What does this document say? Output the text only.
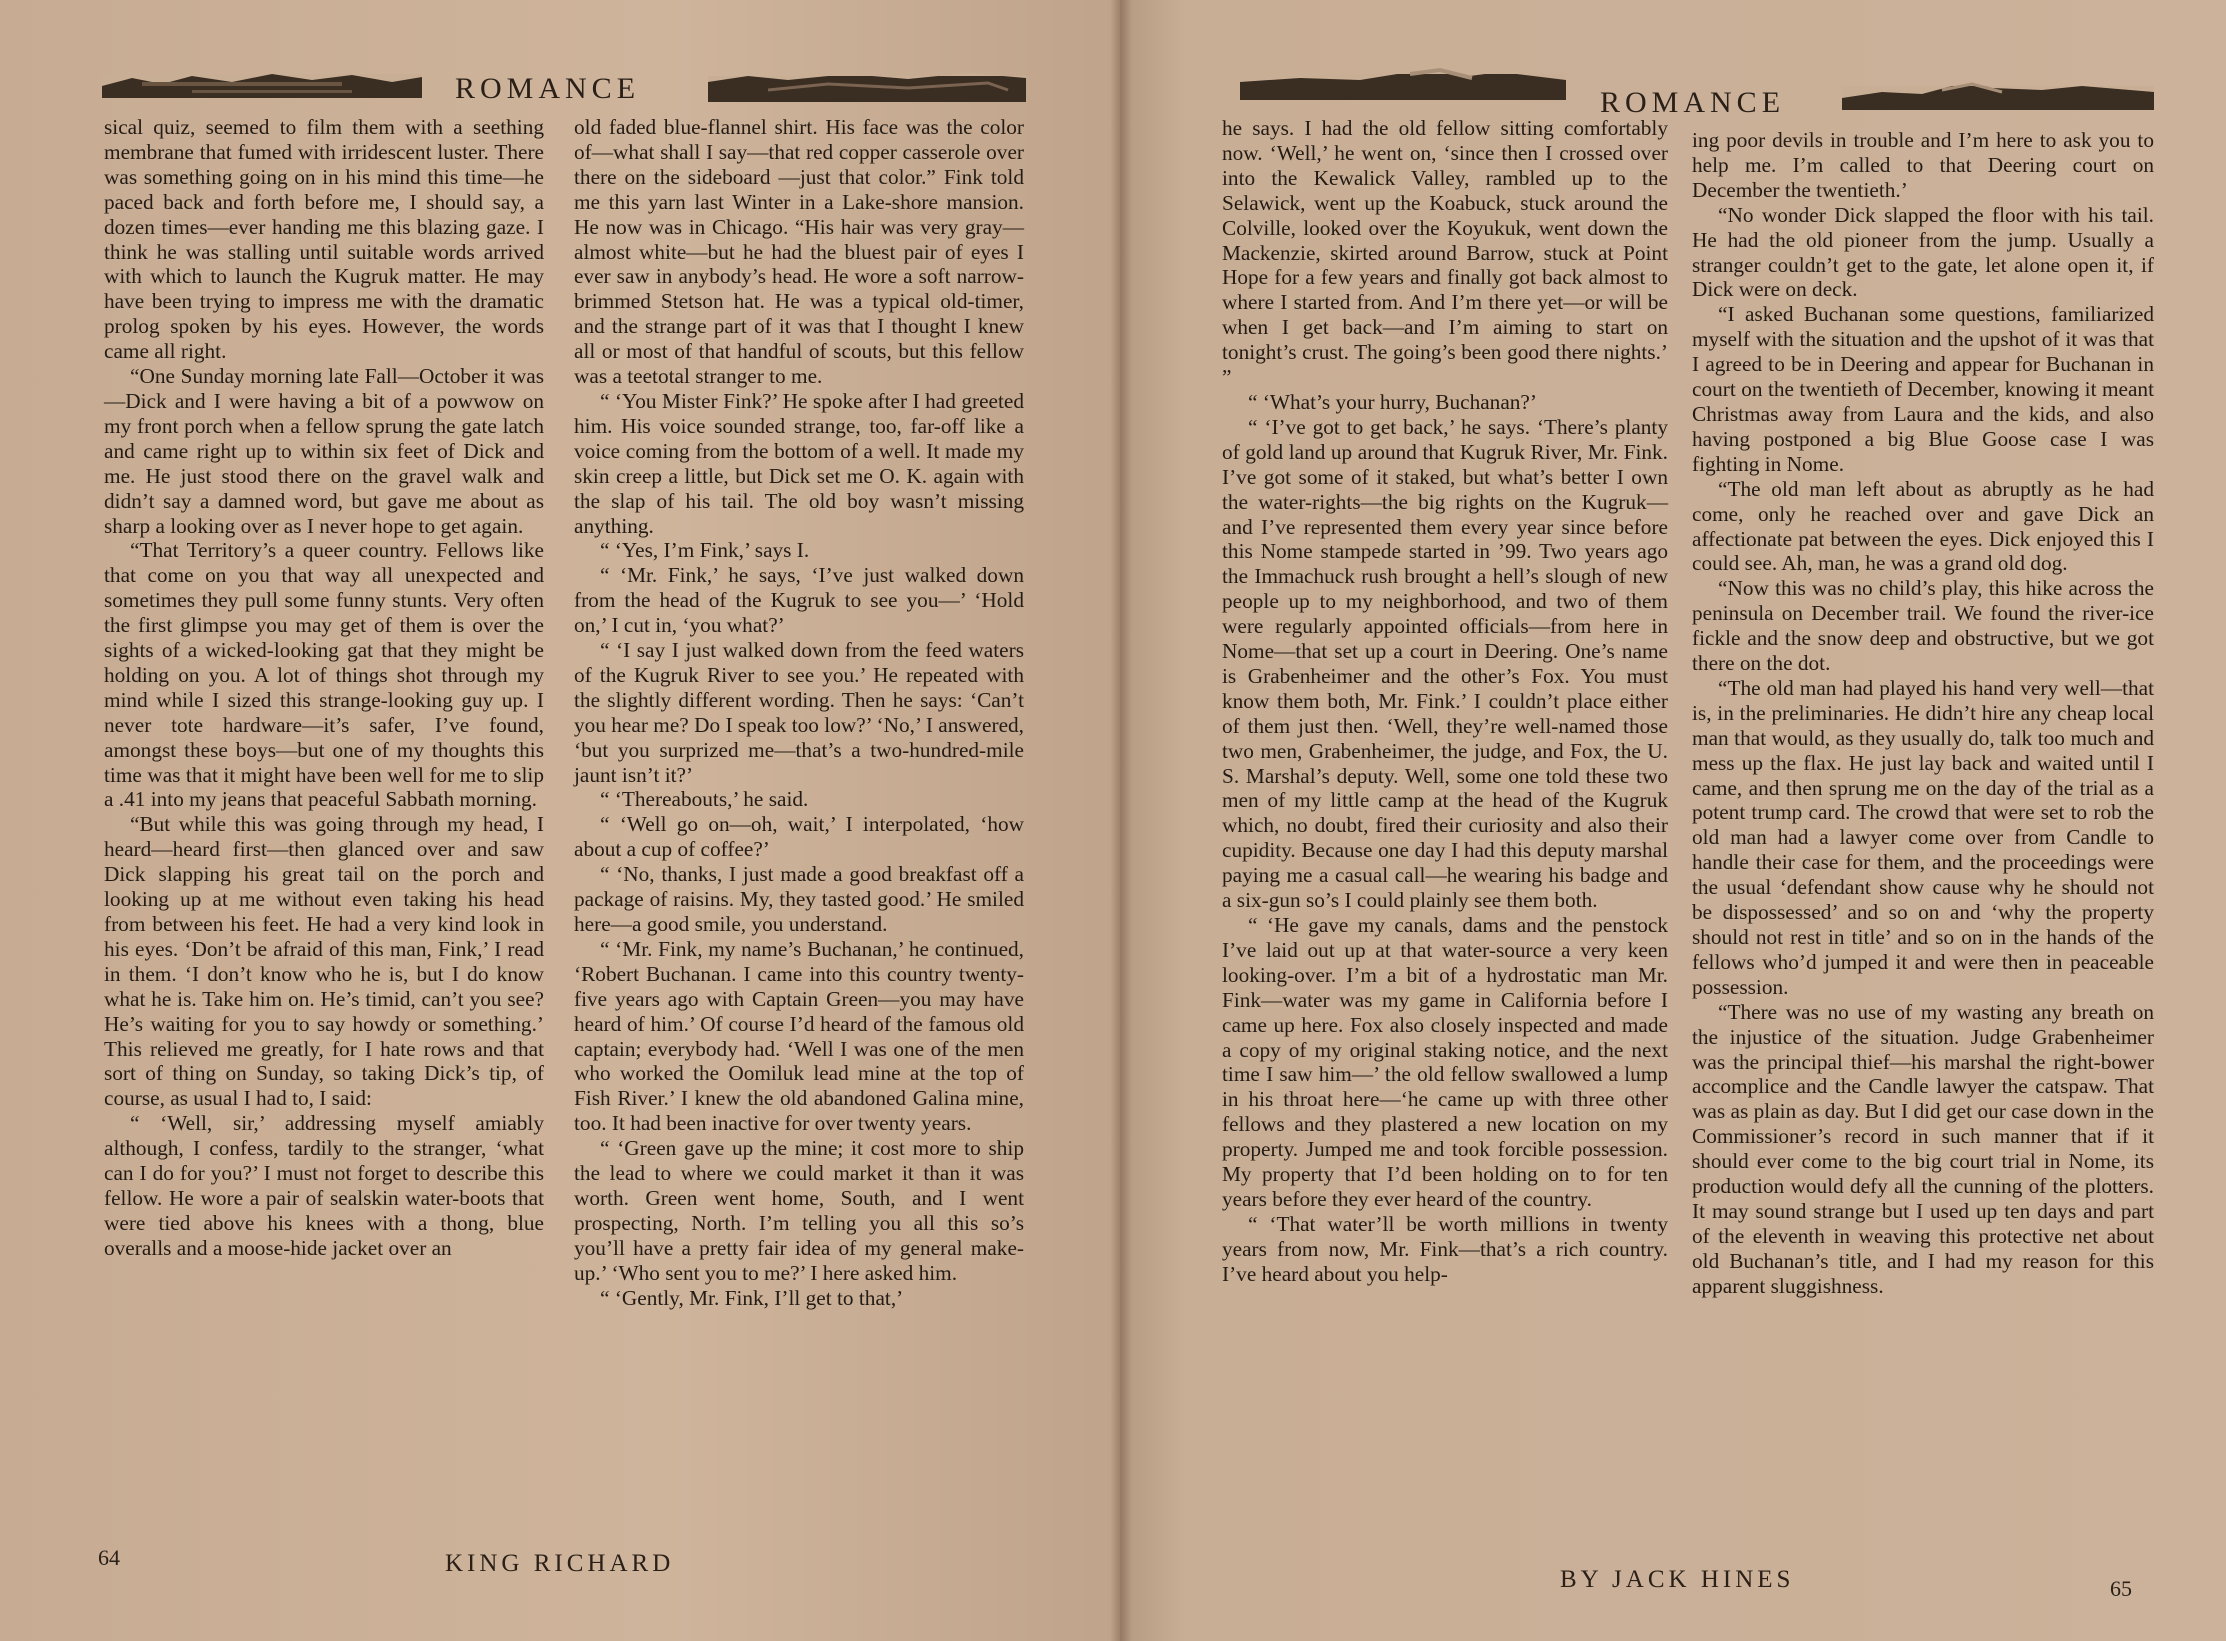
ROMANCE

sical quiz, seemed to film them with a seething membrane that fumed with irridescent luster. There was something going on in his mind this time—he paced back and forth before me, I should say, a dozen times—ever handing me this blazing gaze. I think he was stalling until suitable words arrived with which to launch the Kugruk matter. He may have been trying to impress me with the dramatic prolog spoken by his eyes. However, the words came all right.

“One Sunday morning late Fall—October it was—Dick and I were having a bit of a powwow on my front porch when a fellow sprung the gate latch and came right up to within six feet of Dick and me. He just stood there on the gravel walk and didn’t say a damned word, but gave me about as sharp a looking over as I never hope to get again.

“That Territory’s a queer country. Fellows like that come on you that way all unexpected and sometimes they pull some funny stunts. Very often the first glimpse you may get of them is over the sights of a wicked-looking gat that they might be holding on you. A lot of things shot through my mind while I sized this strange-looking guy up. I never tote hardware—it’s safer, I’ve found, amongst these boys—but one of my thoughts this time was that it might have been well for me to slip a .41 into my jeans that peaceful Sabbath morning.

“But while this was going through my head, I heard—heard first—then glanced over and saw Dick slapping his great tail on the porch and looking up at me without even taking his head from between his feet. He had a very kind look in his eyes. ‘Don’t be afraid of this man, Fink,’ I read in them. ‘I don’t know who he is, but I do know what he is. Take him on. He’s timid, can’t you see? He’s waiting for you to say howdy or something.’ This relieved me greatly, for I hate rows and that sort of thing on Sunday, so taking Dick’s tip, of course, as usual I had to, I said:

“ ‘Well, sir,’ addressing myself amiably although, I confess, tardily to the stranger, ‘what can I do for you?’ I must not forget to describe this fellow. He wore a pair of sealskin water-boots that were tied above his knees with a thong, blue overalls and a moose-hide jacket over an

old faded blue-flannel shirt. His face was the color of—what shall I say—that red copper casserole over there on the sideboard —just that color.” Fink told me this yarn last Winter in a Lake-shore mansion. He now was in Chicago. “His hair was very gray—almost white—but he had the bluest pair of eyes I ever saw in anybody’s head. He wore a soft narrow-brimmed Stetson hat. He was a typical old-timer, and the strange part of it was that I thought I knew all or most of that handful of scouts, but this fellow was a teetotal stranger to me.

“ ‘You Mister Fink?’ He spoke after I had greeted him. His voice sounded strange, too, far-off like a voice coming from the bottom of a well. It made my skin creep a little, but Dick set me O. K. again with the slap of his tail. The old boy wasn’t missing anything.

“ ‘Yes, I’m Fink,’ says I.

“ ‘Mr. Fink,’ he says, ‘I’ve just walked down from the head of the Kugruk to see you—’ ‘Hold on,’ I cut in, ‘you what?’

“ ‘I say I just walked down from the feed waters of the Kugruk River to see you.’ He repeated with the slightly different wording. Then he says: ‘Can’t you hear me? Do I speak too low?’ ‘No,’ I answered, ‘but you surprized me—that’s a two-hundred-mile jaunt isn’t it?’

“ ‘Thereabouts,’ he said.

“ ‘Well go on—oh, wait,’ I interpolated, ‘how about a cup of coffee?’

“ ‘No, thanks, I just made a good breakfast off a package of raisins. My, they tasted good.’ He smiled here—a good smile, you understand.

“ ‘Mr. Fink, my name’s Buchanan,’ he continued, ‘Robert Buchanan. I came into this country twenty-five years ago with Captain Green—you may have heard of him.’ Of course I’d heard of the famous old captain; everybody had. ‘Well I was one of the men who worked the Oomiluk lead mine at the top of Fish River.’ I knew the old abandoned Galina mine, too. It had been inactive for over twenty years.

“ ‘Green gave up the mine; it cost more to ship the lead to where we could market it than it was worth. Green went home, South, and I went prospecting, North. I’m telling you all this so’s you’ll have a pretty fair idea of my general make-up.’ ‘Who sent you to me?’ I here asked him.

“ ‘Gently, Mr. Fink, I’ll get to that,’

64	KING RICHARD
ROMANCE

he says. I had the old fellow sitting comfortably now. ‘Well,’ he went on, ‘since then I crossed over into the Kewalick Valley, rambled up to the Selawick, went up the Koabuck, stuck around the Colville, looked over the Koyukuk, went down the Mackenzie, skirted around Barrow, stuck at Point Hope for a few years and finally got back almost to where I started from. And I’m there yet—or will be when I get back—and I’m aiming to start on tonight’s crust. The going’s been good there nights.’ ”

“ ‘What’s your hurry, Buchanan?’

“ ‘I’ve got to get back,’ he says. ‘There’s planty of gold land up around that Kugruk River, Mr. Fink. I’ve got some of it staked, but what’s better I own the water-rights—the big rights on the Kugruk—and I’ve represented them every year since before this Nome stampede started in ’99. Two years ago the Immachuck rush brought a hell’s slough of new people up to my neighborhood, and two of them were regularly appointed officials—from here in Nome—that set up a court in Deering. One’s name is Grabenheimer and the other’s Fox. You must know them both, Mr. Fink.’ I couldn’t place either of them just then. ‘Well, they’re well-named those two men, Grabenheimer, the judge, and Fox, the U. S. Marshal’s deputy. Well, some one told these two men of my little camp at the head of the Kugruk which, no doubt, fired their curiosity and also their cupidity. Because one day I had this deputy marshal paying me a casual call—he wearing his badge and a six-gun so’s I could plainly see them both.

“ ‘He gave my canals, dams and the penstock I’ve laid out up at that water-source a very keen looking-over. I’m a bit of a hydrostatic man Mr. Fink—water was my game in California before I came up here. Fox also closely inspected and made a copy of my original staking notice, and the next time I saw him—’ the old fellow swallowed a lump in his throat here—‘he came up with three other fellows and they plastered a new location on my property. Jumped me and took forcible possession. My property that I’d been holding on to for ten years before they ever heard of the country.

“ ‘That water’ll be worth millions in twenty years from now, Mr. Fink—that’s a rich country. I’ve heard about you help-

ing poor devils in trouble and I’m here to ask you to help me. I’m called to that Deering court on December the twentieth.’

“No wonder Dick slapped the floor with his tail. He had the old pioneer from the jump. Usually a stranger couldn’t get to the gate, let alone open it, if Dick were on deck.

“I asked Buchanan some questions, familiarized myself with the situation and the upshot of it was that I agreed to be in Deering and appear for Buchanan in court on the twentieth of December, knowing it meant Christmas away from Laura and the kids, and also having postponed a big Blue Goose case I was fighting in Nome.

“The old man left about as abruptly as he had come, only he reached over and gave Dick an affectionate pat between the eyes. Dick enjoyed this I could see. Ah, man, he was a grand old dog.

“Now this was no child’s play, this hike across the peninsula on December trail. We found the river-ice fickle and the snow deep and obstructive, but we got there on the dot.

“The old man had played his hand very well—that is, in the preliminaries. He didn’t hire any cheap local man that would, as they usually do, talk too much and mess up the flax. He just lay back and waited until I came, and then sprung me on the day of the trial as a potent trump card. The crowd that were set to rob the old man had a lawyer come over from Candle to handle their case for them, and the proceedings were the usual ‘defendant show cause why he should not be dispossessed’ and so on and ‘why the property should not rest in title’ and so on in the hands of the fellows who’d jumped it and were then in peaceable possession.

“There was no use of my wasting any breath on the injustice of the situation. Judge Grabenheimer was the principal thief—his marshal the right-bower accomplice and the Candle lawyer the catspaw. That was as plain as day. But I did get our case down in the Commissioner’s record in such manner that if it should ever come to the big court trial in Nome, its production would defy all the cunning of the plotters. It may sound strange but I used up ten days and part of the eleventh in weaving this protective net about old Buchanan’s title, and I had my reason for this apparent sluggishness.

BY JACK HINES	65
